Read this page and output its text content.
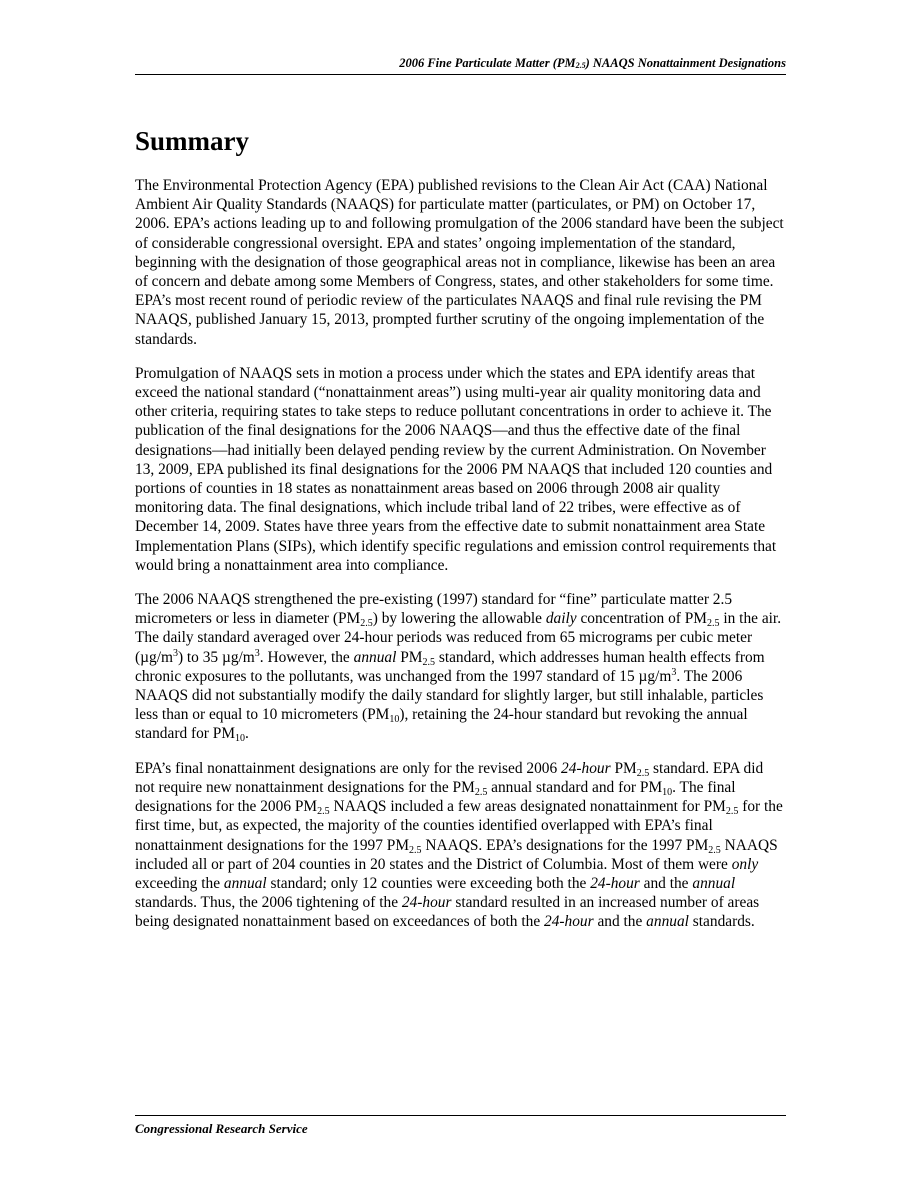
2006 Fine Particulate Matter $(PM_{2.5})$ NAAQS Nonattainment Designations
Summary

The Environmental Protection Agency (EPA) published revisions to the Clean Air Act (CAA) National Ambient Air Quality Standards (NAAQS) for particulate matter (particulates, or PM) on October 17, 2006. EPA’s actions leading up to and following promulgation of the 2006 standard have been the subject of considerable congressional oversight. EPA and states’ ongoing implementation of the standard, beginning with the designation of those geographical areas not in compliance, likewise has been an area of concern and debate among some Members of Congress, states, and other stakeholders for some time. EPA’s most recent round of periodic review of the particulates NAAQS and final rule revising the PM NAAQS, published January 15, 2013, prompted further scrutiny of the ongoing implementation of the standards.

Promulgation of NAAQS sets in motion a process under which the states and EPA identify areas that exceed the national standard (“nonattainment areas”) using multi-year air quality monitoring data and other criteria, requiring states to take steps to reduce pollutant concentrations in order to achieve it. The publication of the final designations for the 2006 NAAQS—and thus the effective date of the final designations—had initially been delayed pending review by the current Administration. On November 13, 2009, EPA published its final designations for the 2006 PM NAAQS that included 120 counties and portions of counties in 18 states as nonattainment areas based on 2006 through 2008 air quality monitoring data. The final designations, which include tribal land of 22 tribes, were effective as of December 14, 2009. States have three years from the effective date to submit nonattainment area State Implementation Plans (SIPs), which identify specific regulations and emission control requirements that would bring a nonattainment area into compliance.

The 2006 NAAQS strengthened the pre-existing (1997) standard for “fine” particulate matter 2.5 micrometers or less in diameter $(PM_{2.5})$ by lowering the allowable daily concentration of $PM_{2.5}$ in the air. The daily standard averaged over 24-hour periods was reduced from 65 micrograms per cubic meter $(\mu g/m^3)$ to 35 $\mu g/m^3$. However, the annual $PM_{2.5}$ standard, which addresses human health effects from chronic exposures to the pollutants, was unchanged from the 1997 standard of 15 $\mu g/m^3$. The 2006 NAAQS did not substantially modify the daily standard for slightly larger, but still inhalable, particles less than or equal to 10 micrometers $(PM_{10})$, retaining the 24-hour standard but revoking the annual standard for $PM_{10}$.

EPA’s final nonattainment designations are only for the revised 2006 24-hour $PM_{2.5}$ standard. EPA did not require new nonattainment designations for the $PM_{2.5}$ annual standard and for $PM_{10}$. The final designations for the 2006 $PM_{2.5}$ NAAQS included a few areas designated nonattainment for $PM_{2.5}$ for the first time, but, as expected, the majority of the counties identified overlapped with EPA’s final nonattainment designations for the 1997 $PM_{2.5}$ NAAQS. EPA’s designations for the 1997 $PM_{2.5}$ NAAQS included all or part of 204 counties in 20 states and the District of Columbia. Most of them were only exceeding the annual standard; only 12 counties were exceeding both the 24-hour and the annual standards. Thus, the 2006 tightening of the 24-hour standard resulted in an increased number of areas being designated nonattainment based on exceedances of both the 24-hour and the annual standards.

Congressional Research Service
